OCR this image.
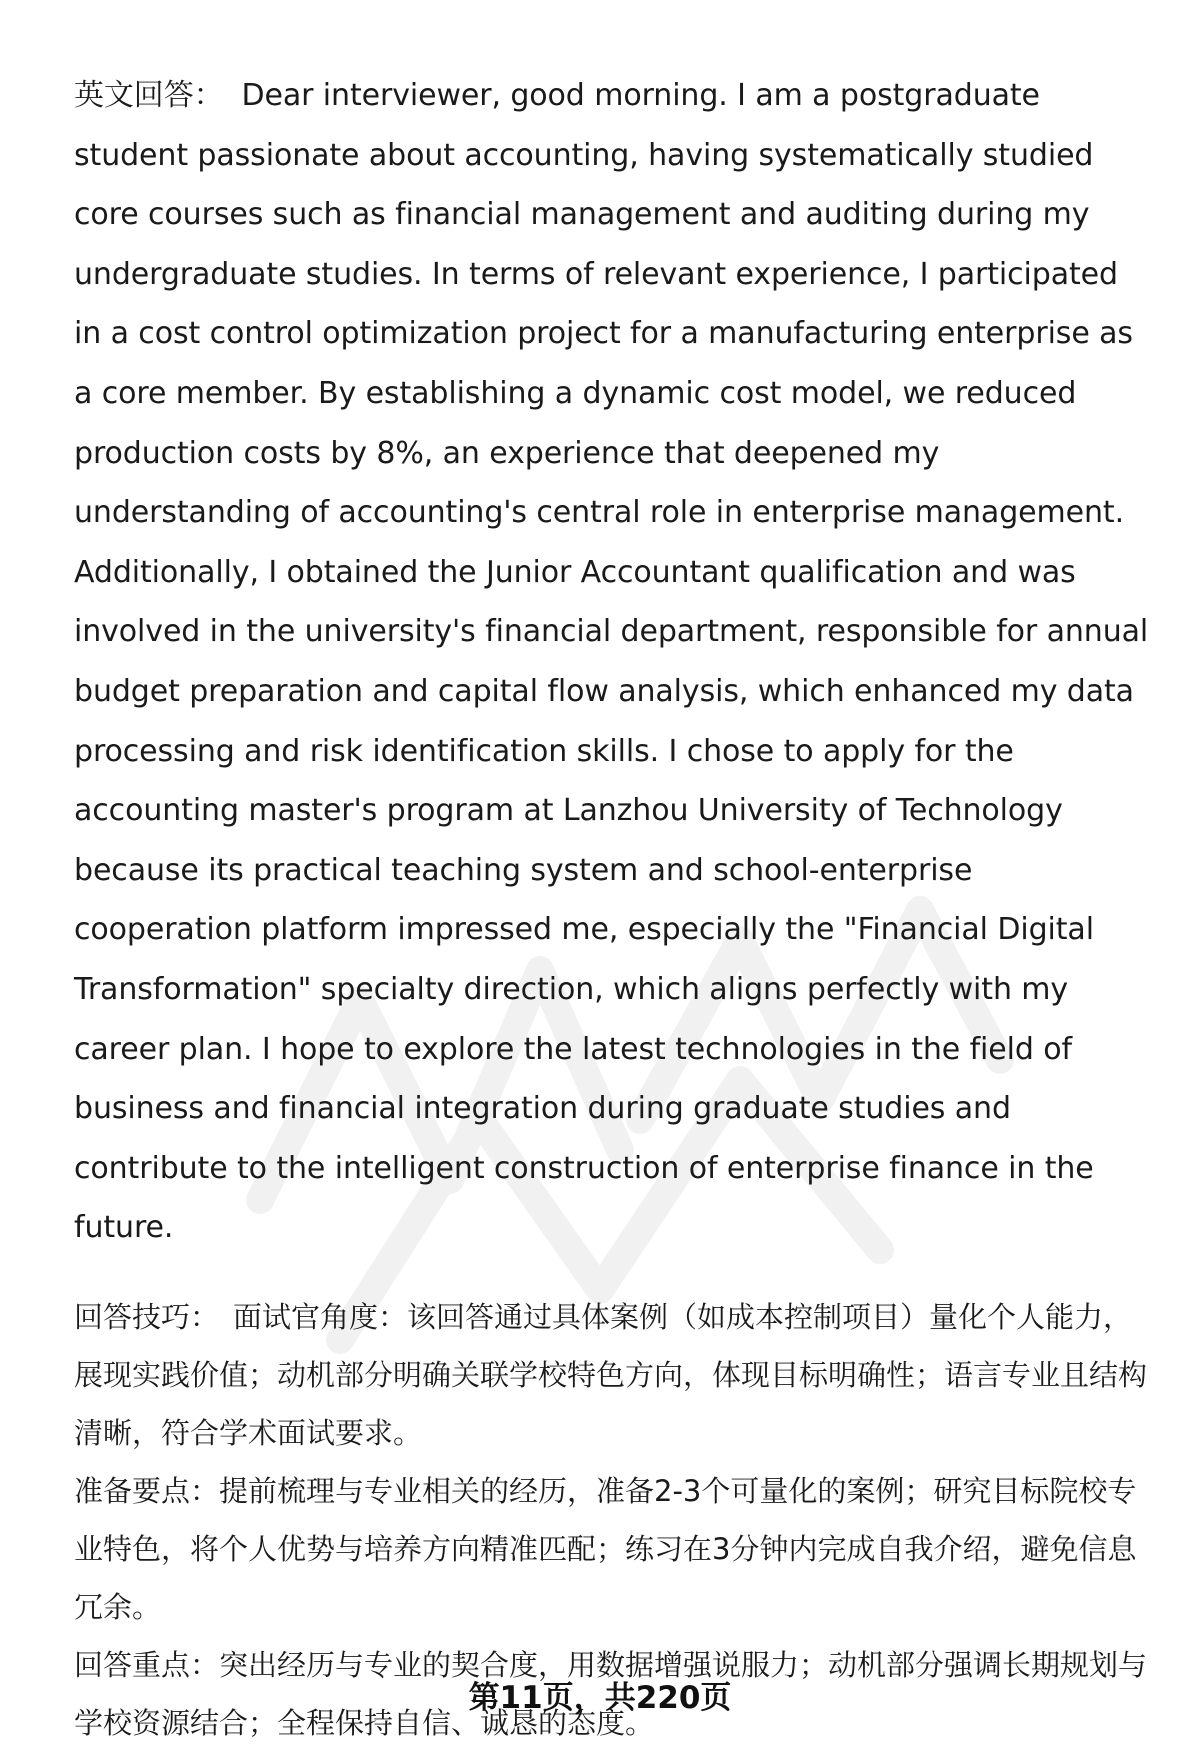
英文回答： Dear interviewer, good morning. I am a postgraduate student passionate about accounting, having systematically studied core courses such as financial management and auditing during my undergraduate studies. In terms of relevant experience, I participated in a cost control optimization project for a manufacturing enterprise as a core member. By establishing a dynamic cost model, we reduced production costs by 8%, an experience that deepened my understanding of accounting's central role in enterprise management. Additionally, I obtained the Junior Accountant qualification and was involved in the university's financial department, responsible for annual budget preparation and capital flow analysis, which enhanced my data processing and risk identification skills. I chose to apply for the accounting master's program at Lanzhou University of Technology because its practical teaching system and school-enterprise cooperation platform impressed me, especially the "Financial Digital Transformation" specialty direction, which aligns perfectly with my career plan. I hope to explore the latest technologies in the field of business and financial integration during graduate studies and contribute to the intelligent construction of enterprise finance in the future.

回答技巧： 面试官角度：该回答通过具体案例（如成本控制项目）量化个人能力，展现实践价值；动机部分明确关联学校特色方向，体现目标明确性；语言专业且结构清晰，符合学术面试要求。

准备要点：提前梳理与专业相关的经历，准备2-3个可量化的案例；研究目标院校专业特色，将个人优势与培养方向精准匹配；练习在3分钟内完成自我介绍，避免信息冗余。

回答重点：突出经历与专业的契合度，用数据增强说服力；动机部分强调长期规划与学校资源结合；全程保持自信、诚恳的态度。

第11页，共220页
